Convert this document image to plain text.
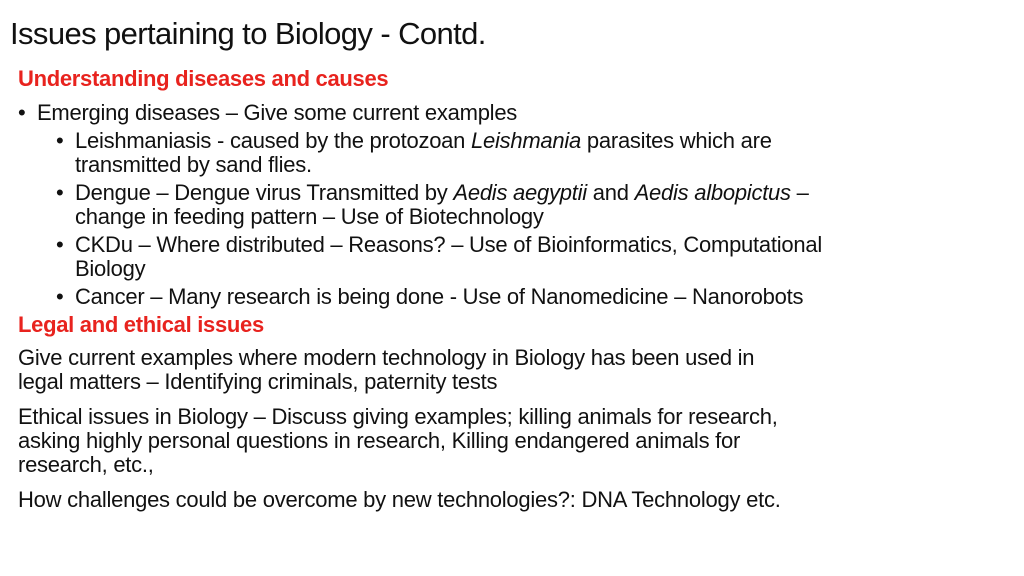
Issues pertaining to Biology - Contd.
Understanding diseases and causes
• Emerging diseases – Give some current examples
• Leishmaniasis - caused by the protozoan Leishmania parasites which are
transmitted by sand flies.
• Dengue – Dengue virus Transmitted by Aedis aegyptii and Aedis albopictus –
change in feeding pattern – Use of Biotechnology
• CKDu – Where distributed – Reasons? – Use of Bioinformatics, Computational
Biology
• Cancer – Many research is being done - Use of Nanomedicine – Nanorobots
Legal and ethical issues
Give current examples where modern technology in Biology has been used in
legal matters – Identifying criminals, paternity tests
Ethical issues in Biology – Discuss giving examples; killing animals for research,
asking highly personal questions in research, Killing endangered animals for
research, etc.,
How challenges could be overcome by new technologies?: DNA Technology etc.
